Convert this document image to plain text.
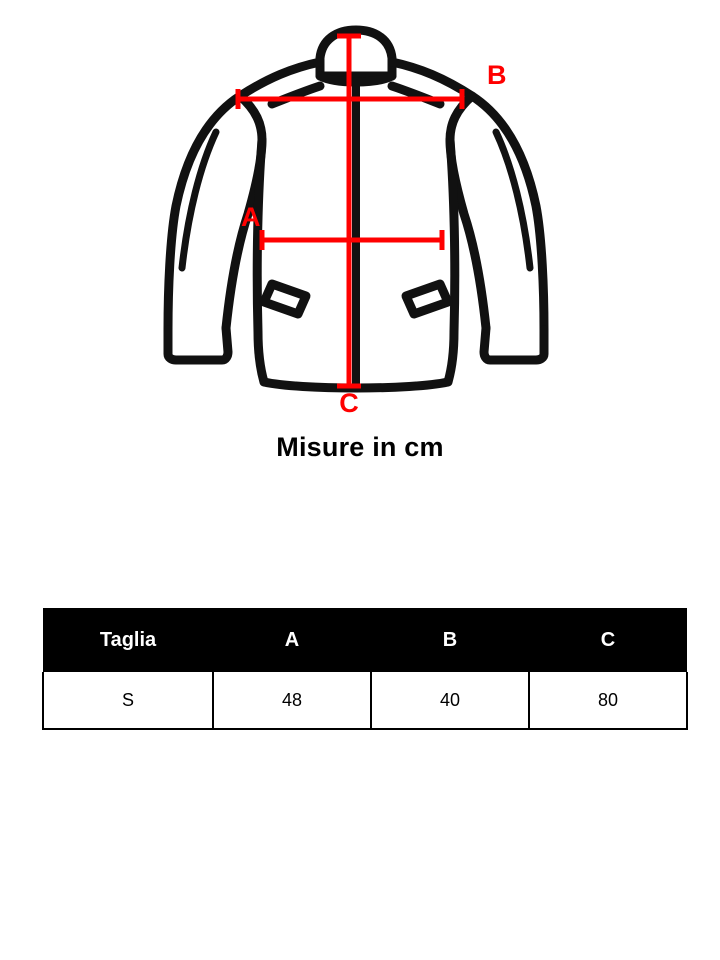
B
A
C
Misure in cm
Taglia	A	B	C
S	48	40	80
